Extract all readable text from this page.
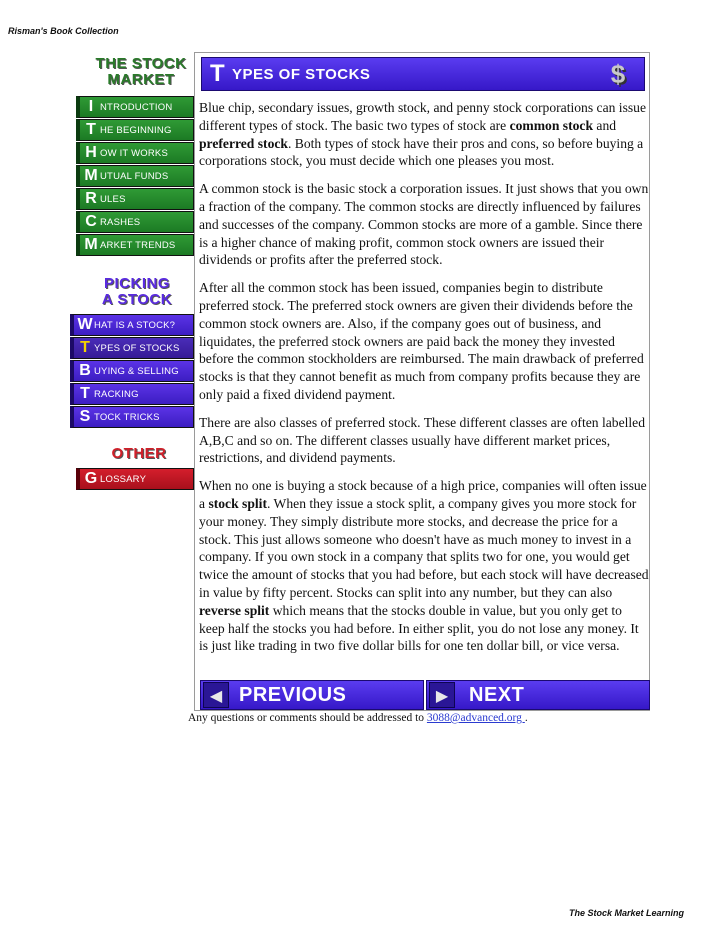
Risman's Book Collection
THE STOCK
MARKET
I NTRODUCTION
T HE BEGINNING
H OW IT WORKS
M UTUAL FUNDS
R ULES
C RASHES
M ARKET TRENDS
PICKING
A STOCK
W HAT IS A STOCK?
T YPES OF STOCKS
B UYING & SELLING
T RACKING
S TOCK TRICKS
OTHER
G LOSSARY
T YPES OF STOCKS	$

Blue chip, secondary issues, growth stock, and penny stock corporations can issue different types of stock. The basic two types of stock are common stock and preferred stock. Both types of stock have their pros and cons, so before buying a corporations stock, you must decide which one pleases you most.

A common stock is the basic stock a corporation issues. It just shows that you own a fraction of the company. The common stocks are directly influenced by failures and successes of the company. Common stocks are more of a gamble. Since there is a higher chance of making profit, common stock owners are issued their dividends or profits after the preferred stock.

After all the common stock has been issued, companies begin to distribute preferred stock. The preferred stock owners are given their dividends before the common stock owners are. Also, if the company goes out of business, and liquidates, the preferred stock owners are paid back the money they invested before the common stockholders are reimbursed. The main drawback of preferred stocks is that they cannot benefit as much from company profits because they are only paid a fixed dividend payment.

There are also classes of preferred stock. These different classes are often labelled A,B,C and so on. The different classes usually have different market prices, restrictions, and dividend payments.

When no one is buying a stock because of a high price, companies will often issue a stock split. When they issue a stock split, a company gives you more stock for your money. They simply distribute more stocks, and decrease the price for a stock. This just allows someone who doesn't have as much money to invest in a company. If you own stock in a company that splits two for one, you would get twice the amount of stocks that you had before, but each stock will have decreased in value by fifty percent. Stocks can split into any number, but they can also reverse split which means that the stocks double in value, but you only get to keep half the stocks you had before. In either split, you do not lose any money. It is just like trading in two five dollar bills for one ten dollar bill, or vice versa.

◀ PREVIOUS	▶	NEXT
Any questions or comments should be addressed to 3088@advanced.org .
The Stock Market Learning
